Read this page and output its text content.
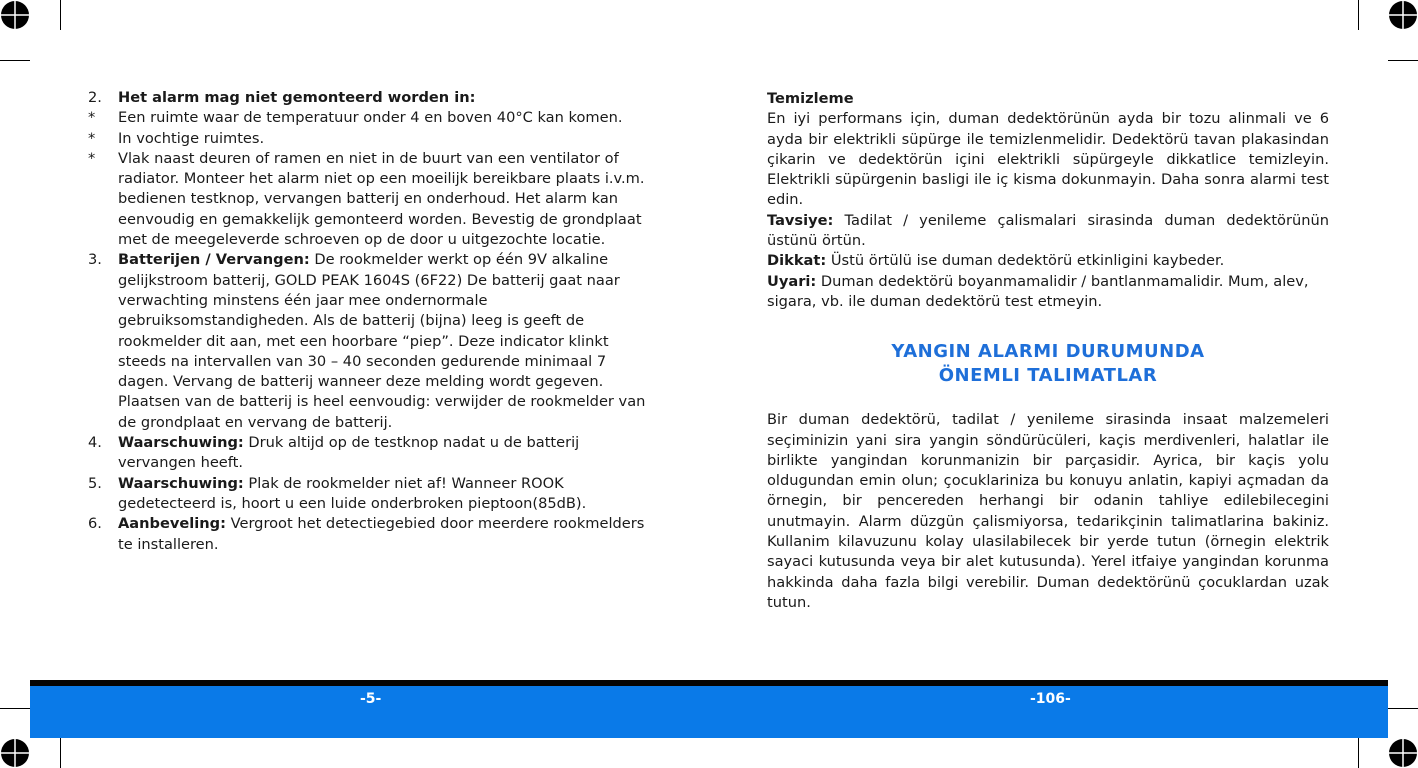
2.	Het alarm mag niet gemonteerd worden in:
*	Een ruimte waar de temperatuur onder 4 en boven 40°C kan komen.
*	In vochtige ruimtes.
*	Vlak naast deuren of ramen en niet in de buurt van een ventilator of radiator. Monteer het alarm niet op een moeilijk bereikbare plaats i.v.m. bedienen testknop, vervangen batterij en onderhoud. Het alarm kan eenvoudig en gemakkelijk gemonteerd worden. Bevestig de grondplaat met de meegeleverde schroeven op de door u uitgezochte locatie.
3.	Batterijen / Vervangen: De rookmelder werkt op één 9V alkaline gelijkstroom batterij, GOLD PEAK 1604S (6F22) De batterij gaat naar verwachting minstens één jaar mee ondernormale gebruiksomstandigheden. Als de batterij (bijna) leeg is geeft de rookmelder dit aan, met een hoorbare “piep”. Deze indicator klinkt steeds na intervallen van 30 – 40 seconden gedurende minimaal 7 dagen. Vervang de batterij wanneer deze melding wordt gegeven. Plaatsen van de batterij is heel eenvoudig: verwijder de rookmelder van de grondplaat en vervang de batterij.
4.	Waarschuwing: Druk altijd op de testknop nadat u de batterij vervangen heeft.
5.	Waarschuwing: Plak de rookmelder niet af! Wanneer ROOK gedetecteerd is, hoort u een luide onderbroken pieptoon(85dB).
6.	Aanbeveling: Vergroot het detectiegebied door meerdere rookmelders te installeren.
Temizleme
En iyi performans için, duman dedektörünün ayda bir tozu alinmali ve 6 ayda bir elektrikli süpürge ile temizlenmelidir. Dedektörü tavan plakasindan çikarin ve dedektörün içini elektrikli süpürgeyle dikkatlice temizleyin. Elektrikli süpürgenin basligi ile iç kisma dokunmayin. Daha sonra alarmi test edin.
Tavsiye: Tadilat / yenileme çalismalari sirasinda duman dedektörünün üstünü örtün.
Dikkat: Üstü örtülü ise duman dedektörü etkinligini kaybeder.
Uyari: Duman dedektörü boyanmamalidir / bantlanmamalidir. Mum, alev, sigara, vb. ile duman dedektörü test etmeyin.
YANGIN ALARMI DURUMUNDA
ÖNEMLI TALIMATLAR
Bir duman dedektörü, tadilat / yenileme sirasinda insaat malzemeleri seçiminizin yani sira yangin söndürücüleri, kaçis merdivenleri, halatlar ile birlikte yangindan korunmanizin bir parçasidir. Ayrica, bir kaçis yolu oldugundan emin olun; çocuklariniza bu konuyu anlatin, kapiyi açmadan da örnegin, bir pencereden herhangi bir odanin tahliye edilebilecegini unutmayin. Alarm düzgün çalismiyorsa, tedarikçinin talimatlarina bakiniz. Kullanim kilavuzunu kolay ulasilabilecek bir yerde tutun (örnegin elektrik sayaci kutusunda veya bir alet kutusunda). Yerel itfaiye yangindan korunma hakkinda daha fazla bilgi verebilir. Duman dedektörünü çocuklardan uzak tutun.
-5-	-106-
